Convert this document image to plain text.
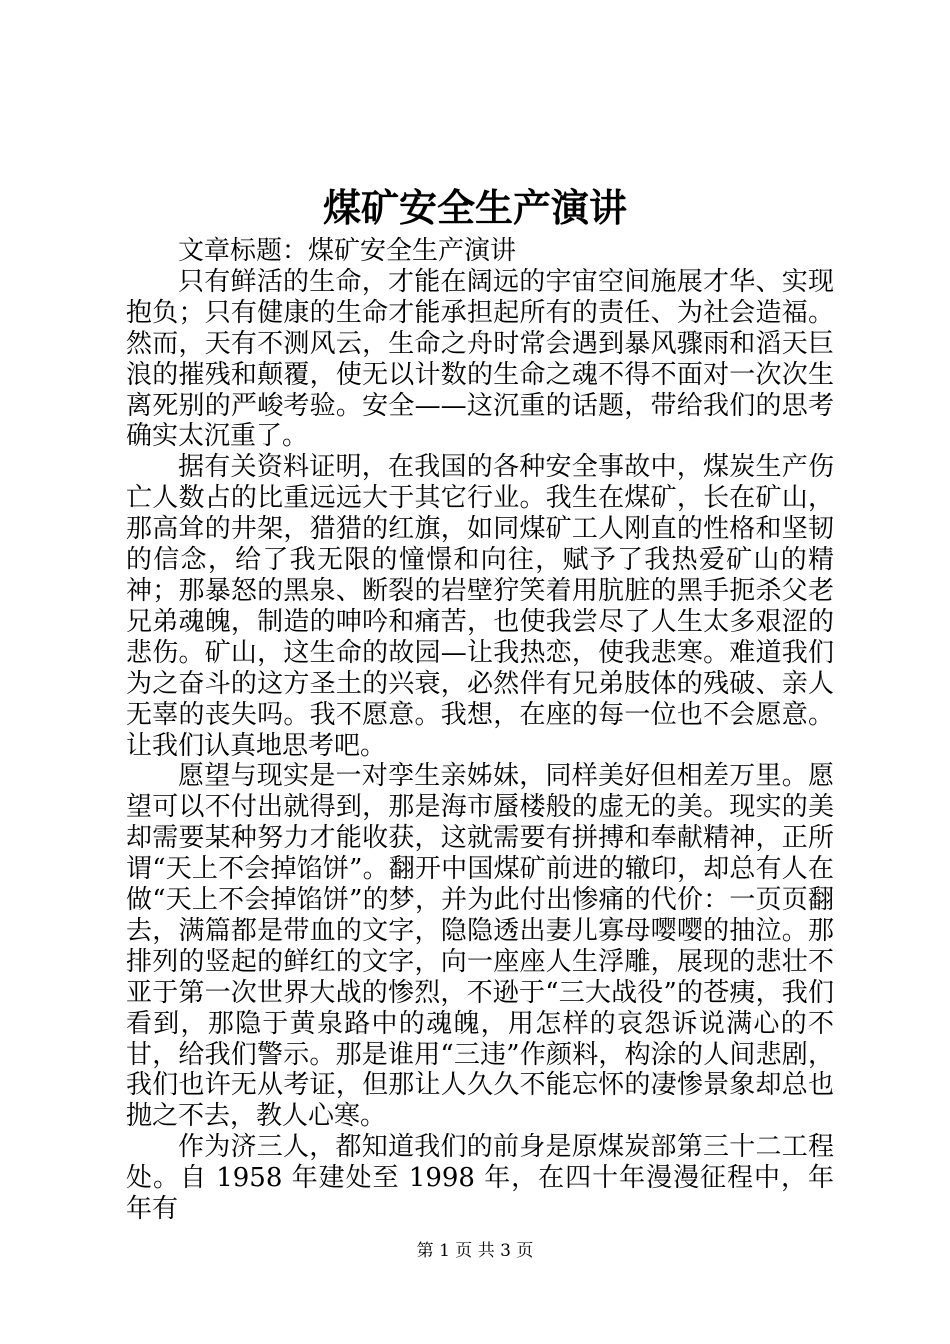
煤矿安全生产演讲

文章标题：煤矿安全生产演讲

只有鲜活的生命，才能在阔远的宇宙空间施展才华、实现抱负；只有健康的生命才能承担起所有的责任、为社会造福。然而，天有不测风云，生命之舟时常会遇到暴风骤雨和滔天巨浪的摧残和颠覆，使无以计数的生命之魂不得不面对一次次生离死别的严峻考验。安全——这沉重的话题，带给我们的思考确实太沉重了。

据有关资料证明，在我国的各种安全事故中，煤炭生产伤亡人数占的比重远远大于其它行业。我生在煤矿，长在矿山，那高耸的井架，猎猎的红旗，如同煤矿工人刚直的性格和坚韧的信念，给了我无限的憧憬和向往，赋予了我热爱矿山的精神；那暴怒的黑泉、断裂的岩壁狞笑着用肮脏的黑手扼杀父老兄弟魂魄，制造的呻吟和痛苦，也使我尝尽了人生太多艰涩的悲伤。矿山，这生命的故园—让我热恋，使我悲寒。难道我们为之奋斗的这方圣土的兴衰，必然伴有兄弟肢体的残破、亲人无辜的丧失吗。我不愿意。我想，在座的每一位也不会愿意。让我们认真地思考吧。

愿望与现实是一对孪生亲姊妹，同样美好但相差万里。愿望可以不付出就得到，那是海市蜃楼般的虚无的美。现实的美却需要某种努力才能收获，这就需要有拼搏和奉献精神，正所谓“天上不会掉馅饼”。翻开中国煤矿前进的辙印，却总有人在做“天上不会掉馅饼”的梦，并为此付出惨痛的代价：一页页翻去，满篇都是带血的文字，隐隐透出妻儿寡母嘤嘤的抽泣。那排列的竖起的鲜红的文字，向一座座人生浮雕，展现的悲壮不亚于第一次世界大战的惨烈，不逊于“三大战役”的苍痍，我们看到，那隐于黄泉路中的魂魄，用怎样的哀怨诉说满心的不甘，给我们警示。那是谁用“三违”作颜料，构涂的人间悲剧，我们也许无从考证，但那让人久久不能忘怀的凄惨景象却总也抛之不去，教人心寒。

作为济三人，都知道我们的前身是原煤炭部第三十二工程处。自 1958 年建处至 1998 年，在四十年漫漫征程中，年年有

第 1 页 共 3 页
